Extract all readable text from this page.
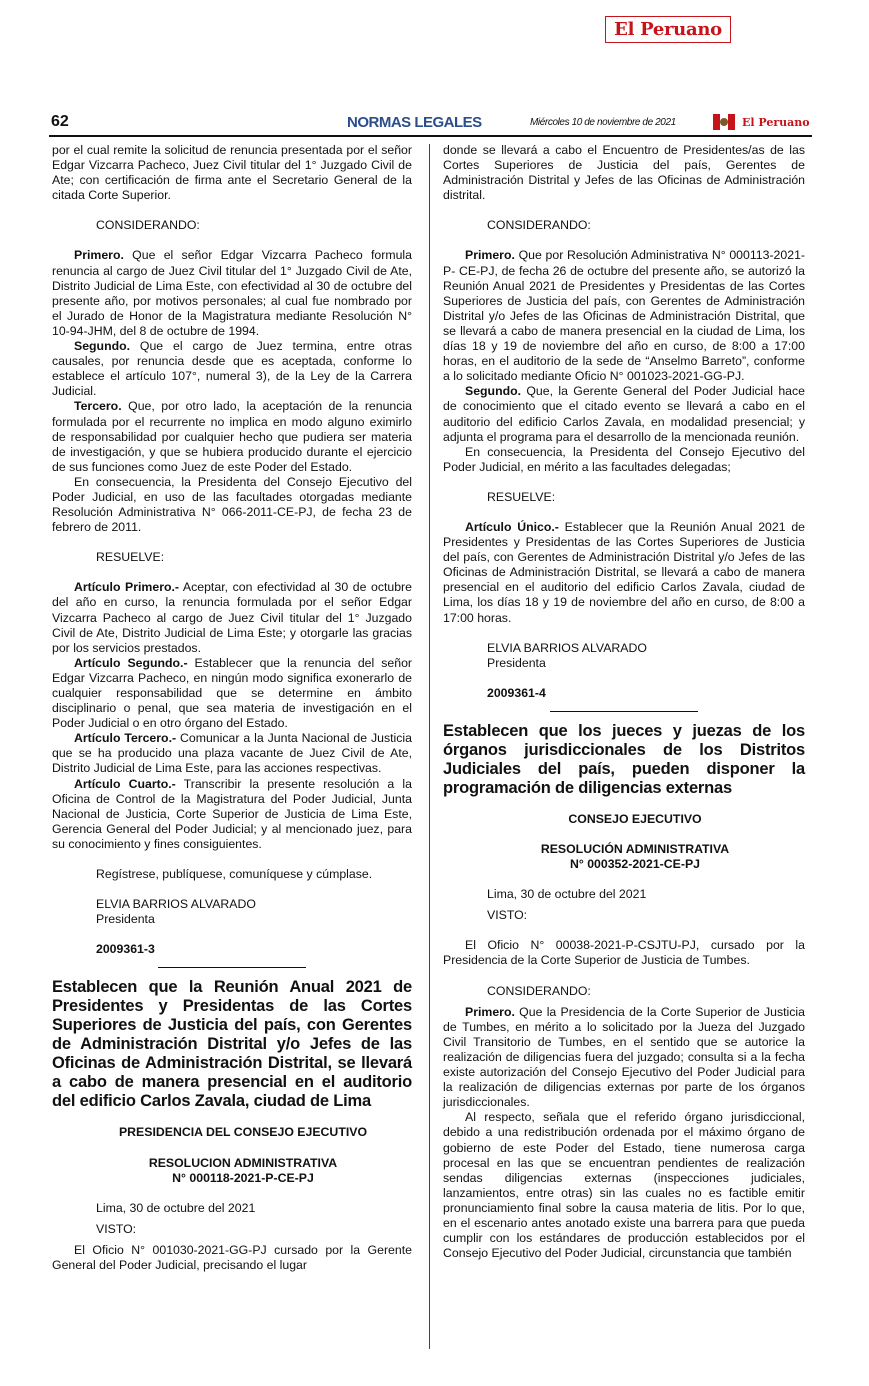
El Peruano
62	NORMAS LEGALES	Miércoles 10 de noviembre de 2021	El Peruano

por el cual remite la solicitud de renuncia presentada por el señor Edgar Vizcarra Pacheco, Juez Civil titular del 1° Juzgado Civil de Ate; con certificación de firma ante el Secretario General de la citada Corte Superior.

CONSIDERANDO:

Primero. Que el señor Edgar Vizcarra Pacheco formula renuncia al cargo de Juez Civil titular del 1° Juzgado Civil de Ate, Distrito Judicial de Lima Este, con efectividad al 30 de octubre del presente año, por motivos personales; al cual fue nombrado por el Jurado de Honor de la Magistratura mediante Resolución N° 10-94-JHM, del 8 de octubre de 1994.

Segundo. Que el cargo de Juez termina, entre otras causales, por renuncia desde que es aceptada, conforme lo establece el artículo 107°, numeral 3), de la Ley de la Carrera Judicial.

Tercero. Que, por otro lado, la aceptación de la renuncia formulada por el recurrente no implica en modo alguno eximirlo de responsabilidad por cualquier hecho que pudiera ser materia de investigación, y que se hubiera producido durante el ejercicio de sus funciones como Juez de este Poder del Estado.

En consecuencia, la Presidenta del Consejo Ejecutivo del Poder Judicial, en uso de las facultades otorgadas mediante Resolución Administrativa N° 066-2011-CE-PJ, de fecha 23 de febrero de 2011.

RESUELVE:

Artículo Primero.- Aceptar, con efectividad al 30 de octubre del año en curso, la renuncia formulada por el señor Edgar Vizcarra Pacheco al cargo de Juez Civil titular del 1° Juzgado Civil de Ate, Distrito Judicial de Lima Este; y otorgarle las gracias por los servicios prestados.

Artículo Segundo.- Establecer que la renuncia del señor Edgar Vizcarra Pacheco, en ningún modo significa exonerarlo de cualquier responsabilidad que se determine en ámbito disciplinario o penal, que sea materia de investigación en el Poder Judicial o en otro órgano del Estado.

Artículo Tercero.- Comunicar a la Junta Nacional de Justicia que se ha producido una plaza vacante de Juez Civil de Ate, Distrito Judicial de Lima Este, para las acciones respectivas.

Artículo Cuarto.- Transcribir la presente resolución a la Oficina de Control de la Magistratura del Poder Judicial, Junta Nacional de Justicia, Corte Superior de Justicia de Lima Este, Gerencia General del Poder Judicial; y al mencionado juez, para su conocimiento y fines consiguientes.

Regístrese, publíquese, comuníquese y cúmplase.

ELVIA BARRIOS ALVARADO

Presidenta

2009361-3

Establecen que la Reunión Anual 2021 de Presidentes y Presidentas de las Cortes Superiores de Justicia del país, con Gerentes de Administración Distrital y/o Jefes de las Oficinas de Administración Distrital, se llevará a cabo de manera presencial en el auditorio del edificio Carlos Zavala, ciudad de Lima

PRESIDENCIA DEL CONSEJO EJECUTIVO

RESOLUCION ADMINISTRATIVA

N° 000118-2021-P-CE-PJ

Lima, 30 de octubre del 2021

VISTO:

El Oficio N° 001030-2021-GG-PJ cursado por la Gerente General del Poder Judicial, precisando el lugar

donde se llevará a cabo el Encuentro de Presidentes/as de las Cortes Superiores de Justicia del país, Gerentes de Administración Distrital y Jefes de las Oficinas de Administración distrital.

CONSIDERANDO:

Primero. Que por Resolución Administrativa N° 000113-2021-P- CE-PJ, de fecha 26 de octubre del presente año, se autorizó la Reunión Anual 2021 de Presidentes y Presidentas de las Cortes Superiores de Justicia del país, con Gerentes de Administración Distrital y/o Jefes de las Oficinas de Administración Distrital, que se llevará a cabo de manera presencial en la ciudad de Lima, los días 18 y 19 de noviembre del año en curso, de 8:00 a 17:00 horas, en el auditorio de la sede de “Anselmo Barreto”, conforme a lo solicitado mediante Oficio N° 001023-2021-GG-PJ.

Segundo. Que, la Gerente General del Poder Judicial hace de conocimiento que el citado evento se llevará a cabo en el auditorio del edificio Carlos Zavala, en modalidad presencial; y adjunta el programa para el desarrollo de la mencionada reunión.

En consecuencia, la Presidenta del Consejo Ejecutivo del Poder Judicial, en mérito a las facultades delegadas;

RESUELVE:

Artículo Único.- Establecer que la Reunión Anual 2021 de Presidentes y Presidentas de las Cortes Superiores de Justicia del país, con Gerentes de Administración Distrital y/o Jefes de las Oficinas de Administración Distrital, se llevará a cabo de manera presencial en el auditorio del edificio Carlos Zavala, ciudad de Lima, los días 18 y 19 de noviembre del año en curso, de 8:00 a 17:00 horas.

ELVIA BARRIOS ALVARADO

Presidenta

2009361-4

Establecen que los jueces y juezas de los órganos jurisdiccionales de los Distritos Judiciales del país, pueden disponer la programación de diligencias externas

CONSEJO EJECUTIVO

RESOLUCIÓN ADMINISTRATIVA

N° 000352-2021-CE-PJ

Lima, 30 de octubre del 2021

VISTO:

El Oficio N° 00038-2021-P-CSJTU-PJ, cursado por la Presidencia de la Corte Superior de Justicia de Tumbes.

CONSIDERANDO:

Primero. Que la Presidencia de la Corte Superior de Justicia de Tumbes, en mérito a lo solicitado por la Jueza del Juzgado Civil Transitorio de Tumbes, en el sentido que se autorice la realización de diligencias fuera del juzgado; consulta si a la fecha existe autorización del Consejo Ejecutivo del Poder Judicial para la realización de diligencias externas por parte de los órganos jurisdiccionales.

Al respecto, señala que el referido órgano jurisdiccional, debido a una redistribución ordenada por el máximo órgano de gobierno de este Poder del Estado, tiene numerosa carga procesal en las que se encuentran pendientes de realización sendas diligencias externas (inspecciones judiciales, lanzamientos, entre otras) sin las cuales no es factible emitir pronunciamiento final sobre la causa materia de litis. Por lo que, en el escenario antes anotado existe una barrera para que pueda cumplir con los estándares de producción establecidos por el Consejo Ejecutivo del Poder Judicial, circunstancia que también
